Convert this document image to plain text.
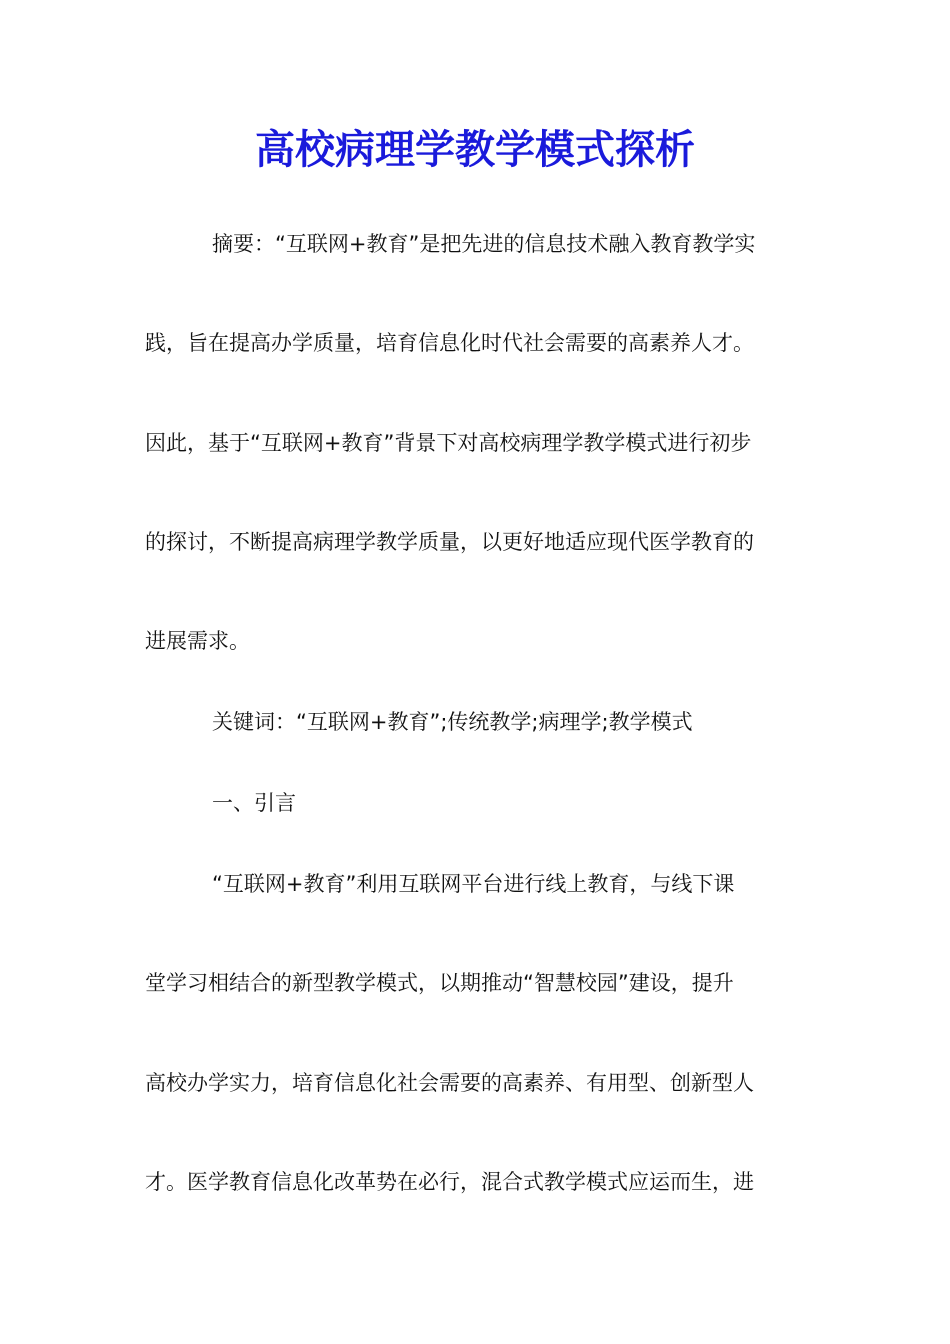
高校病理学教学模式探析
摘要：“互联网+教育”是把先进的信息技术融入教育教学实
践，旨在提高办学质量，培育信息化时代社会需要的高素养人才。
因此，基于“互联网+教育”背景下对高校病理学教学模式进行初步
的探讨，不断提高病理学教学质量，以更好地适应现代医学教育的
进展需求。
关键词：“互联网+教育”;传统教学;病理学;教学模式
一、引言
“互联网+教育”利用互联网平台进行线上教育，与线下课
堂学习相结合的新型教学模式，以期推动“智慧校园”建设，提升
高校办学实力，培育信息化社会需要的高素养、有用型、创新型人
才。医学教育信息化改革势在必行，混合式教学模式应运而生，进
